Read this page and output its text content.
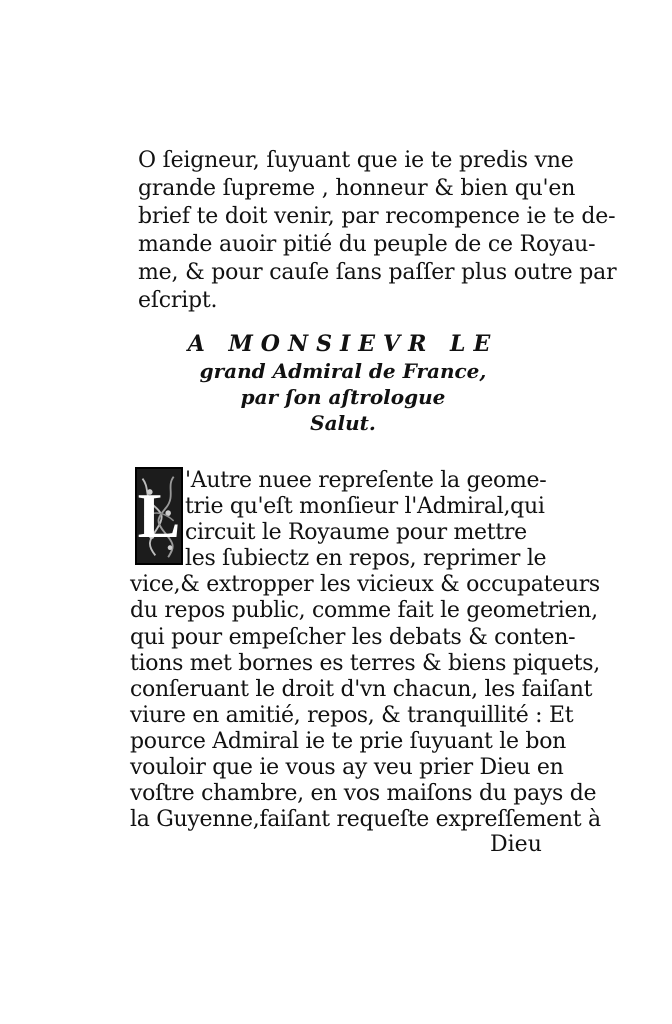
O ſeigneur, ſuyuant que ie te predis vne
grande ſupreme , honneur & bien qu'en
brief te doit venir, par recompence ie te de-
mande auoir pitié du peuple de ce Royau-
me, & pour cauſe ſans paſſer plus outre par
eſcript.
A MONSIEVR LE
grand Admiral de France,
par ſon aſtrologue
Salut.
L 'Autre nuee repreſente la geome-
trie qu'eſt monſieur l'Admiral,qui
circuit le Royaume pour mettre
les ſubiectz en repos, reprimer le
vice,& extropper les vicieux & occupateurs
du repos public, comme fait le geometrien,
qui pour empeſcher les debats & conten-
tions met bornes es terres & biens piquets,
conſeruant le droit d'vn chacun, les faiſant
viure en amitié, repos, & tranquillité : Et
pource Admiral ie te prie ſuyuant le bon
vouloir que ie vous ay veu prier Dieu en
voſtre chambre, en vos maiſons du pays de
la Guyenne,faiſant requeſte expreſſement à
Dieu
